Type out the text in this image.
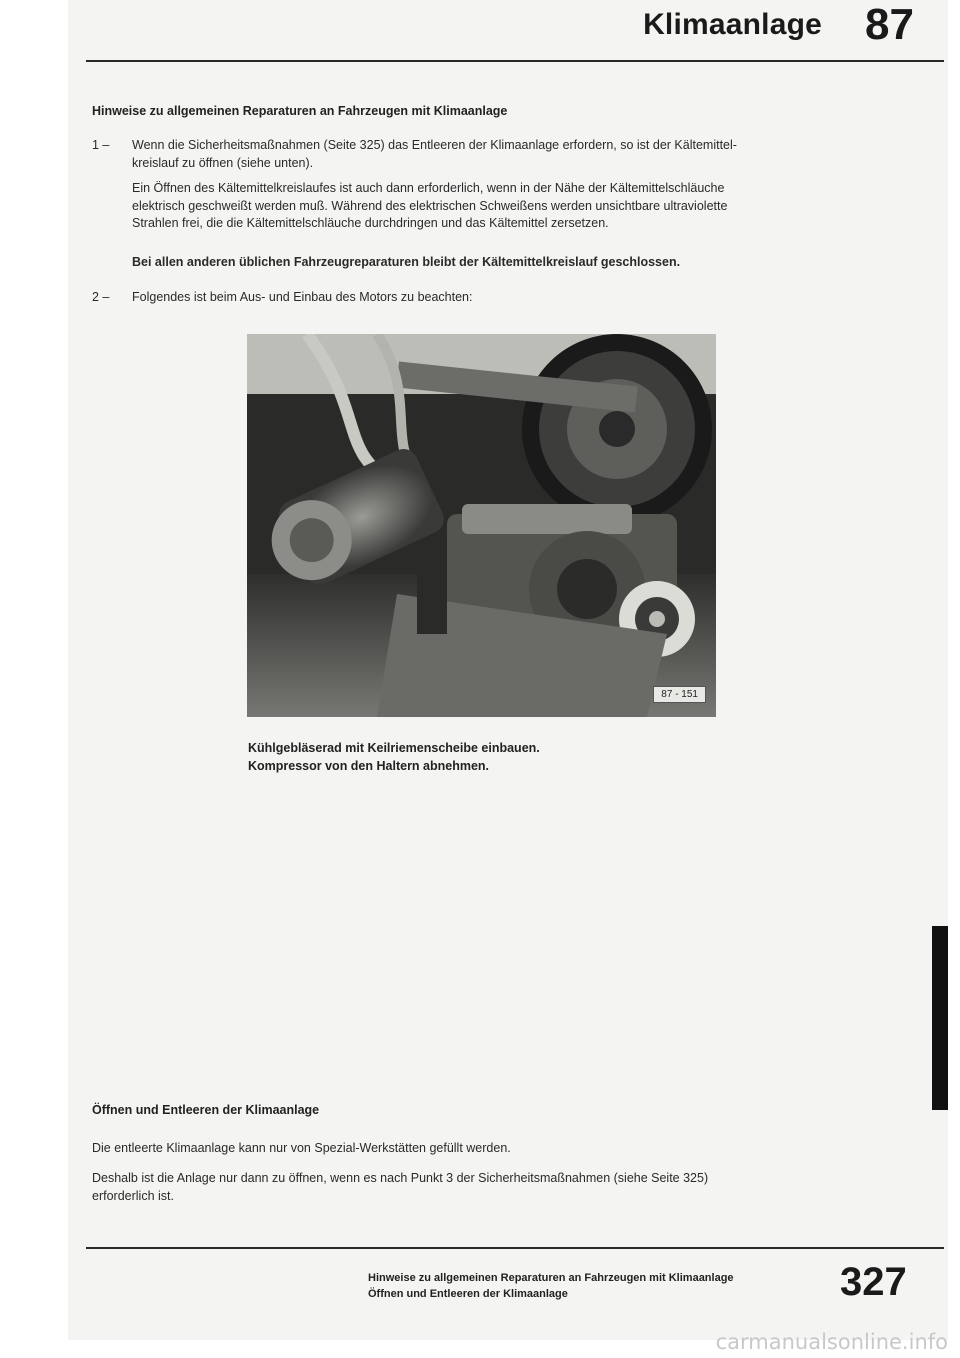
Klimaanlage 87
Hinweise zu allgemeinen Reparaturen an Fahrzeugen mit Klimaanlage
1 – Wenn die Sicherheitsmaßnahmen (Seite 325) das Entleeren der Klimaanlage erfordern, so ist der Kältemittel-
kreislauf zu öffnen (siehe unten).
Ein Öffnen des Kältemittelkreislaufes ist auch dann erforderlich, wenn in der Nähe der Kältemittelschläuche
elektrisch geschweißt werden muß. Während des elektrischen Schweißens werden unsichtbare ultraviolette
Strahlen frei, die die Kältemittelschläuche durchdringen und das Kältemittel zersetzen.
Bei allen anderen üblichen Fahrzeugreparaturen bleibt der Kältemittelkreislauf geschlossen.
2 – Folgendes ist beim Aus- und Einbau des Motors zu beachten:
87 - 151
Kühlgebläserad mit Keilriemenscheibe einbauen.
Kompressor von den Haltern abnehmen.
Öffnen und Entleeren der Klimaanlage
Die entleerte Klimaanlage kann nur von Spezial-Werkstätten gefüllt werden.
Deshalb ist die Anlage nur dann zu öffnen, wenn es nach Punkt 3 der Sicherheitsmaßnahmen (siehe Seite 325)
erforderlich ist.
Hinweise zu allgemeinen Reparaturen an Fahrzeugen mit Klimaanlage
Öffnen und Entleeren der Klimaanlage	327
carmanualsonline.info
